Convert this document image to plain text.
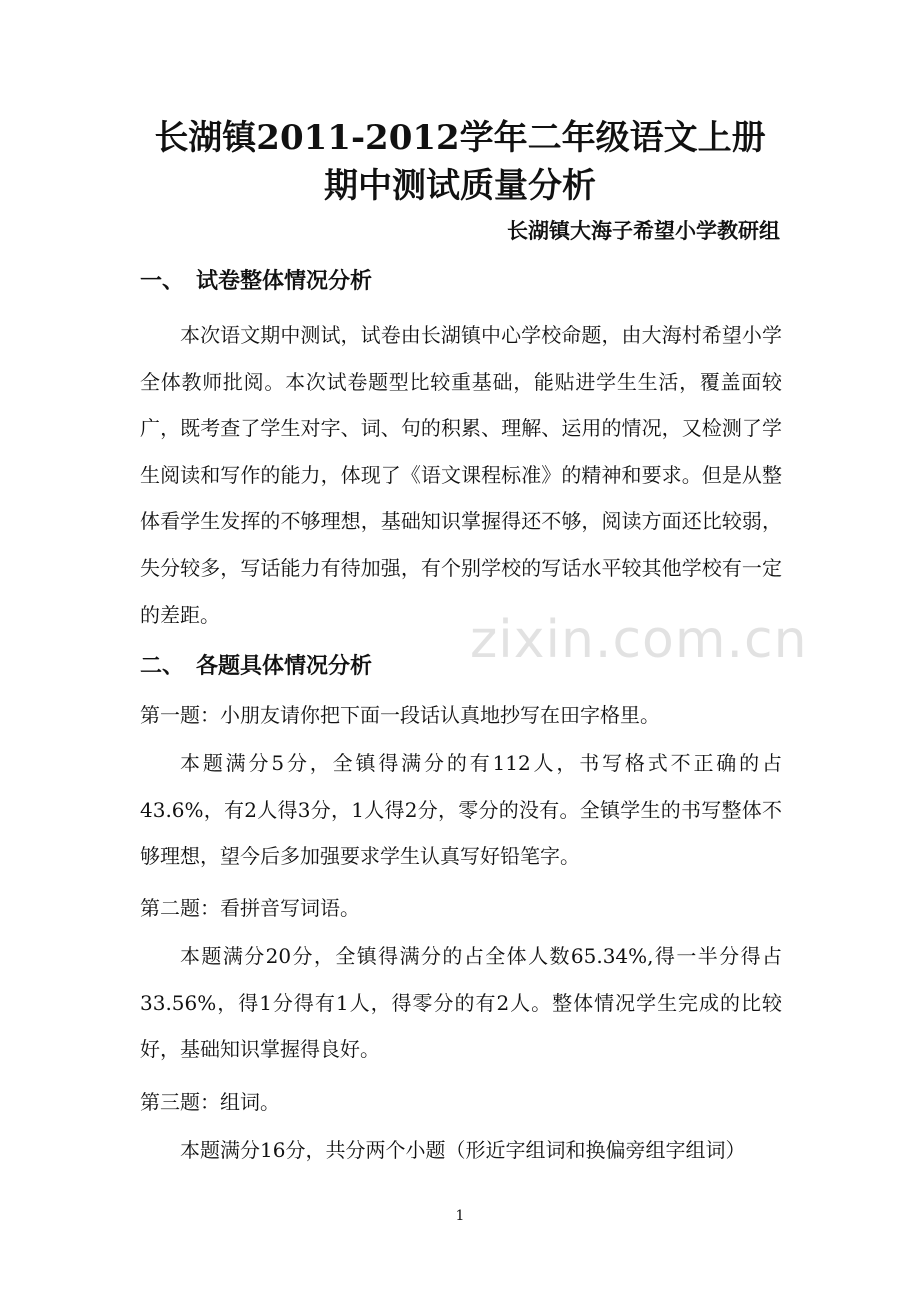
长湖镇2011-2012学年二年级语文上册
期中测试质量分析
长湖镇大海子希望小学教研组
一、 试卷整体情况分析
本次语文期中测试，试卷由长湖镇中心学校命题，由大海村希望小学全体教师批阅。本次试卷题型比较重基础，能贴进学生生活，覆盖面较广，既考查了学生对字、词、句的积累、理解、运用的情况，又检测了学生阅读和写作的能力，体现了《语文课程标准》的精神和要求。但是从整体看学生发挥的不够理想，基础知识掌握得还不够，阅读方面还比较弱，失分较多，写话能力有待加强，有个别学校的写话水平较其他学校有一定的差距。	zixin.com.cn
二、 各题具体情况分析
第一题：小朋友请你把下面一段话认真地抄写在田字格里。
本题满分5分，全镇得满分的有112人，书写格式不正确的占43.6%，有2人得3分，1人得2分，零分的没有。全镇学生的书写整体不够理想，望今后多加强要求学生认真写好铅笔字。
第二题：看拼音写词语。
本题满分20分，全镇得满分的占全体人数65.34%,得一半分得占33.56%，得1分得有1人，得零分的有2人。整体情况学生完成的比较好，基础知识掌握得良好。
第三题：组词。
本题满分16分，共分两个小题（形近字组词和换偏旁组字组词）
1
